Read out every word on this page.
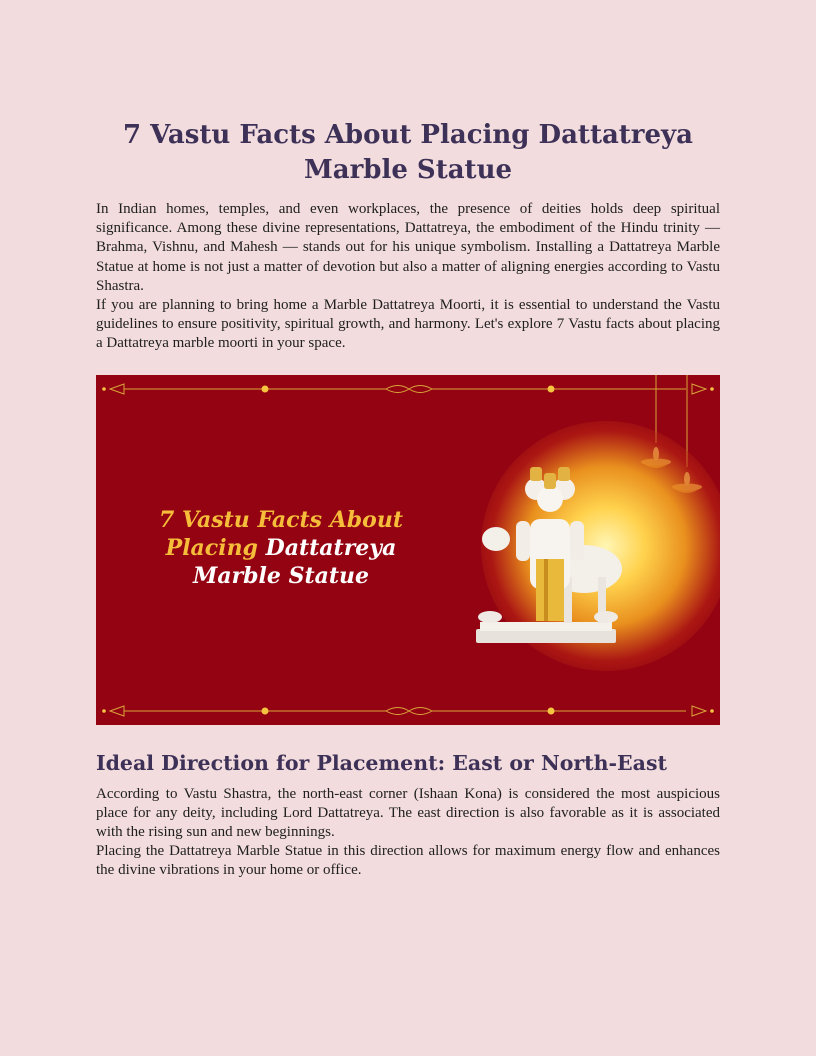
7 Vastu Facts About Placing Dattatreya Marble Statue

In Indian homes, temples, and even workplaces, the presence of deities holds deep spiritual significance. Among these divine representations, Dattatreya, the embodiment of the Hindu trinity — Brahma, Vishnu, and Mahesh — stands out for his unique symbolism. Installing a Dattatreya Marble Statue at home is not just a matter of devotion but also a matter of aligning energies according to Vastu Shastra.

If you are planning to bring home a Marble Dattatreya Moorti, it is essential to understand the Vastu guidelines to ensure positivity, spiritual growth, and harmony. Let's explore 7 Vastu facts about placing a Dattatreya marble moorti in your space.

7 Vastu Facts About
Placing Dattatreya
Marble Statue
Ideal Direction for Placement: East or North-East

According to Vastu Shastra, the north-east corner (Ishaan Kona) is considered the most auspicious place for any deity, including Lord Dattatreya. The east direction is also favorable as it is associated with the rising sun and new beginnings.

Placing the Dattatreya Marble Statue in this direction allows for maximum energy flow and enhances the divine vibrations in your home or office.
